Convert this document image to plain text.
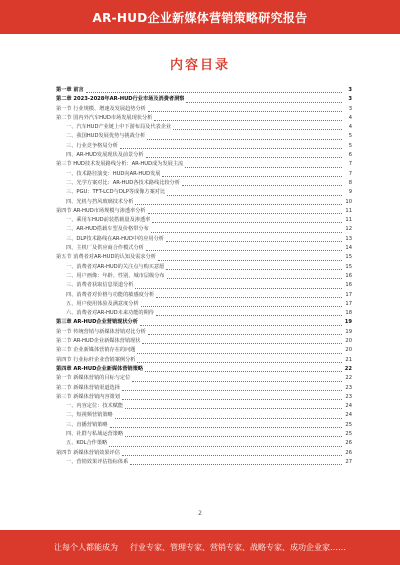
AR-HUD企业新媒体营销策略研究报告
内容目录
第一章 前言	3
第二章 2023-2028年AR-HUD行业市场及消费者洞察	3
第一节 行业规模、增速及发展趋势分析	3
第二节 国内外汽车HUD市场发展现状分析	4
一、汽车HUD产业链上中下游布局及代表企业	4
二、我国HUD发展优势与挑战分析	5
三、行业竞争格局分析	5
四、AR-HUD发展现状及前景分析	6
第三节 HUD技术发展路线分析：AR-HUD成为发展主流	7
一、技术路径演变：HUD向AR-HUD发展	7
二、光学方案对比：AR-HUD各技术路线比较分析	8
三、PGU：TFT-LCD与DLP等成像方案对比	9
四、光机与挡风玻璃技术分析	10
第四节 AR-HUD市场规模与渗透率分析	11
一、乘用车HUD前装搭载量及渗透率	11
二、AR-HUD搭载车型及价格带分布	12
三、DLP技术路线在AR-HUD中的应用分析	13
四、主机厂及供应商合作模式分析	14
第五节 消费者对AR-HUD的认知及需求分析	15
一、消费者对AR-HUD的关注点与购买意愿	15
二、用户画像：年龄、性别、城市层级分布	16
三、消费者获取信息渠道分析	16
四、消费者对价格与功能的敏感度分析	17
五、用户使用体验及满意度分析	17
六、消费者对AR-HUD未来功能的期待	18
第三章 AR-HUD企业营销现状分析	19
第一节 传统营销与新媒体营销对比分析	19
第二节 AR-HUD企业新媒体营销现状	20
第三节 企业新媒体营销存在的问题	20
第四节 行业标杆企业营销案例分析	21
第四章 AR-HUD企业新媒体营销策略	22
第一节 新媒体营销的目标与定位	22
第二节 新媒体营销渠道选择	23
第三节 新媒体营销内容策划	23
一、内容定位：技术赋能	24
二、短视频营销策略	24
三、直播营销策略	25
四、社群与私域运营策略	25
五、KOL合作策略	26
第四节 新媒体营销效果评估	26
一、营销效果评估指标体系	27
2
让每个人都能成为 行业专家、管理专家、营销专家、战略专家、成功企业家……
